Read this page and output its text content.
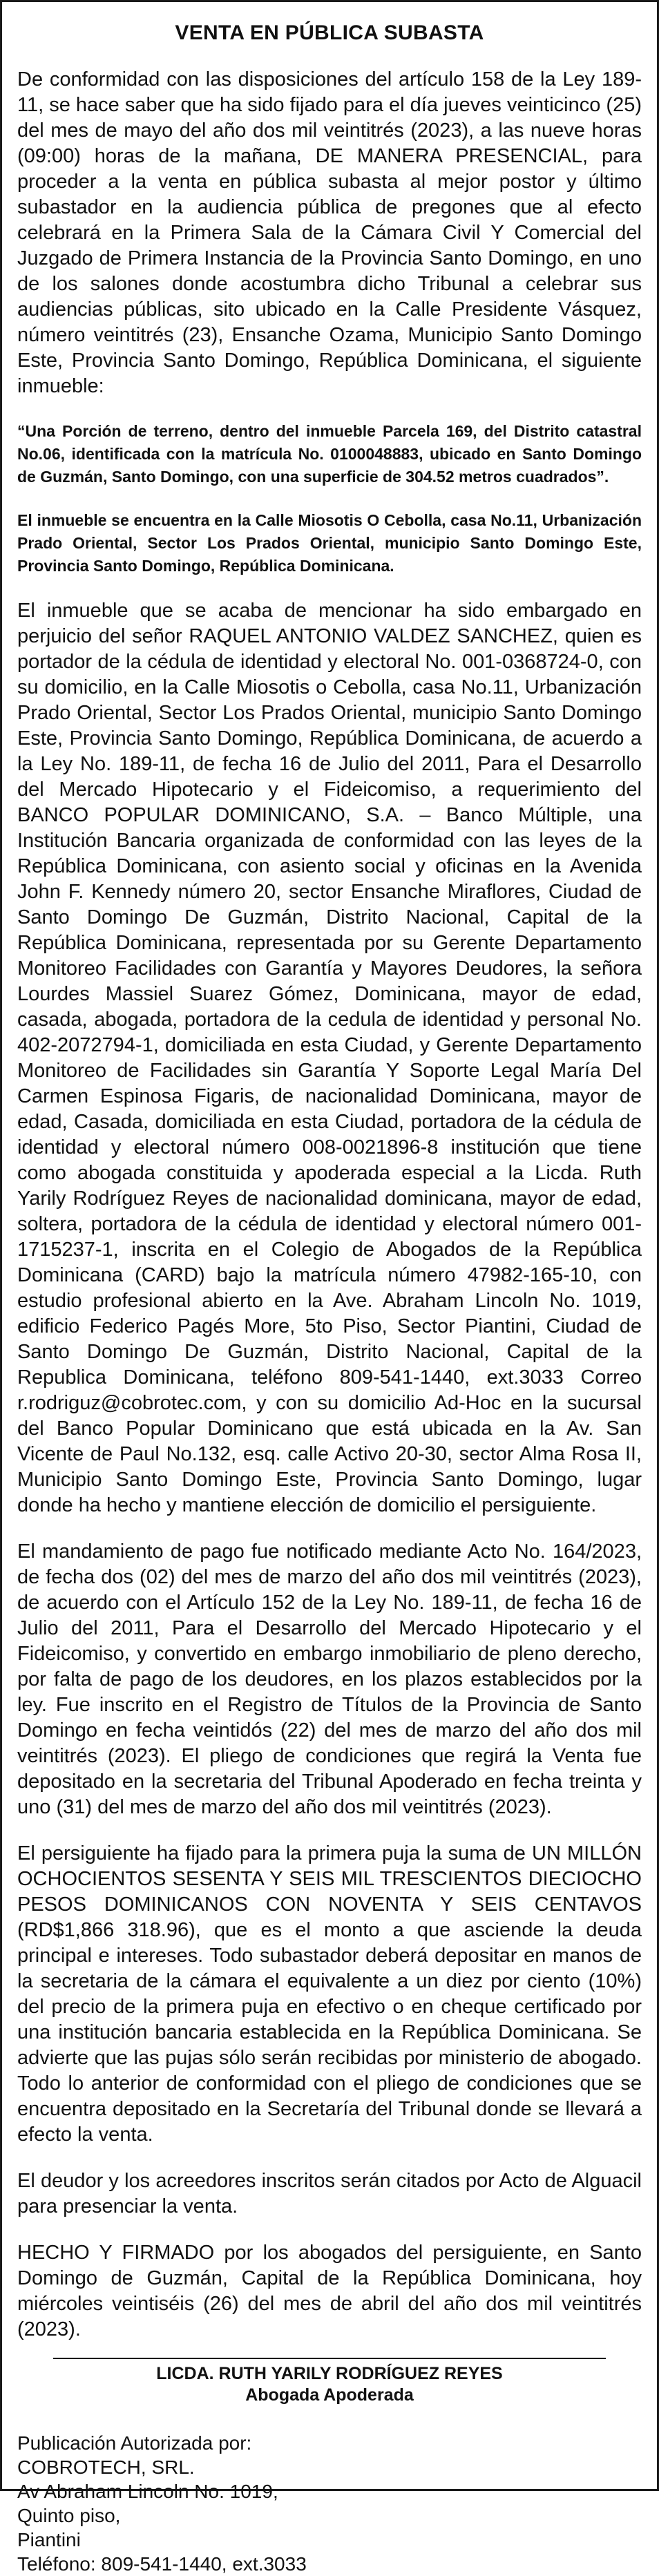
VENTA EN PÚBLICA SUBASTA

De conformidad con las disposiciones del artículo 158 de la Ley 189-11, se hace saber que ha sido fijado para el día jueves veinticinco (25) del mes de mayo del año dos mil veintitrés (2023), a las nueve horas (09:00) horas de la mañana, DE MANERA PRESENCIAL, para proceder a la venta en pública subasta al mejor postor y último subastador en la audiencia pública de pregones que al efecto celebrará en la Primera Sala de la Cámara Civil Y Comercial del Juzgado de Primera Instancia de la Provincia Santo Domingo, en uno de los salones donde acostumbra dicho Tribunal a celebrar sus audiencias públicas, sito ubicado en la Calle Presidente Vásquez, número veintitrés (23), Ensanche Ozama, Municipio Santo Domingo Este, Provincia Santo Domingo, República Dominicana, el siguiente inmueble:

“Una Porción de terreno, dentro del inmueble Parcela 169, del Distrito catastral No.06, identificada con la matrícula No. 0100048883, ubicado en Santo Domingo de Guzmán, Santo Domingo, con una superficie de 304.52 metros cuadrados”.

El inmueble se encuentra en la Calle Miosotis O Cebolla, casa No.11, Urbanización Prado Oriental, Sector Los Prados Oriental, municipio Santo Domingo Este, Provincia Santo Domingo, República Dominicana.

El inmueble que se acaba de mencionar ha sido embargado en perjuicio del señor RAQUEL ANTONIO VALDEZ SANCHEZ, quien es portador de la cédula de identidad y electoral No. 001-0368724-0, con su domicilio, en la Calle Miosotis o Cebolla, casa No.11, Urbanización Prado Oriental, Sector Los Prados Oriental, municipio Santo Domingo Este, Provincia Santo Domingo, República Dominicana, de acuerdo a la Ley No. 189-11, de fecha 16 de Julio del 2011, Para el Desarrollo del Mercado Hipotecario y el Fideicomiso, a requerimiento del BANCO POPULAR DOMINICANO, S.A. – Banco Múltiple, una Institución Bancaria organizada de conformidad con las leyes de la República Dominicana, con asiento social y oficinas en la Avenida John F. Kennedy número 20, sector Ensanche Miraflores, Ciudad de Santo Domingo De Guzmán, Distrito Nacional, Capital de la República Dominicana, representada por su Gerente Departamento Monitoreo Facilidades con Garantía y Mayores Deudores, la señora Lourdes Massiel Suarez Gómez, Dominicana, mayor de edad, casada, abogada, portadora de la cedula de identidad y personal No. 402-2072794-1, domiciliada en esta Ciudad, y Gerente Departamento Monitoreo de Facilidades sin Garantía Y Soporte Legal María Del Carmen Espinosa Figaris, de nacionalidad Dominicana, mayor de edad, Casada, domiciliada en esta Ciudad, portadora de la cédula de identidad y electoral número 008-0021896-8 institución que tiene como abogada constituida y apoderada especial a la Licda. Ruth Yarily Rodríguez Reyes de nacionalidad dominicana, mayor de edad, soltera, portadora de la cédula de identidad y electoral número 001-1715237-1, inscrita en el Colegio de Abogados de la República Dominicana (CARD) bajo la matrícula número 47982-165-10, con estudio profesional abierto en la Ave. Abraham Lincoln No. 1019, edificio Federico Pagés More, 5to Piso, Sector Piantini, Ciudad de Santo Domingo De Guzmán, Distrito Nacional, Capital de la Republica Dominicana, teléfono 809-541-1440, ext.3033 Correo r.rodriguz@cobrotec.com, y con su domicilio Ad-Hoc en la sucursal del Banco Popular Dominicano que está ubicada en la Av. San Vicente de Paul No.132, esq. calle Activo 20-30, sector Alma Rosa II, Municipio Santo Domingo Este, Provincia Santo Domingo, lugar donde ha hecho y mantiene elección de domicilio el persiguiente.

El mandamiento de pago fue notificado mediante Acto No. 164/2023, de fecha dos (02) del mes de marzo del año dos mil veintitrés (2023), de acuerdo con el Artículo 152 de la Ley No. 189-11, de fecha 16 de Julio del 2011, Para el Desarrollo del Mercado Hipotecario y el Fideicomiso, y convertido en embargo inmobiliario de pleno derecho, por falta de pago de los deudores, en los plazos establecidos por la ley. Fue inscrito en el Registro de Títulos de la Provincia de Santo Domingo en fecha veintidós (22) del mes de marzo del año dos mil veintitrés (2023). El pliego de condiciones que regirá la Venta fue depositado en la secretaria del Tribunal Apoderado en fecha treinta y uno (31) del mes de marzo del año dos mil veintitrés (2023).

El persiguiente ha fijado para la primera puja la suma de UN MILLÓN OCHOCIENTOS SESENTA Y SEIS MIL TRESCIENTOS DIECIOCHO PESOS DOMINICANOS CON NOVENTA Y SEIS CENTAVOS (RD$1,866 318.96), que es el monto a que asciende la deuda principal e intereses. Todo subastador deberá depositar en manos de la secretaria de la cámara el equivalente a un diez por ciento (10%) del precio de la primera puja en efectivo o en cheque certificado por una institución bancaria establecida en la República Dominicana. Se advierte que las pujas sólo serán recibidas por ministerio de abogado. Todo lo anterior de conformidad con el pliego de condiciones que se encuentra depositado en la Secretaría del Tribunal donde se llevará a efecto la venta.

El deudor y los acreedores inscritos serán citados por Acto de Alguacil para presenciar la venta.

HECHO Y FIRMADO por los abogados del persiguiente, en Santo Domingo de Guzmán, Capital de la República Dominicana, hoy miércoles veintiséis (26) del mes de abril del año dos mil veintitrés (2023).

LICDA. RUTH YARILY RODRÍGUEZ REYES
Abogada Apoderada
Publicación Autorizada por:
COBROTECH, SRL.
Av Abraham Lincoln No. 1019,
Quinto piso,
Piantini
Teléfono: 809-541-1440, ext.3033
